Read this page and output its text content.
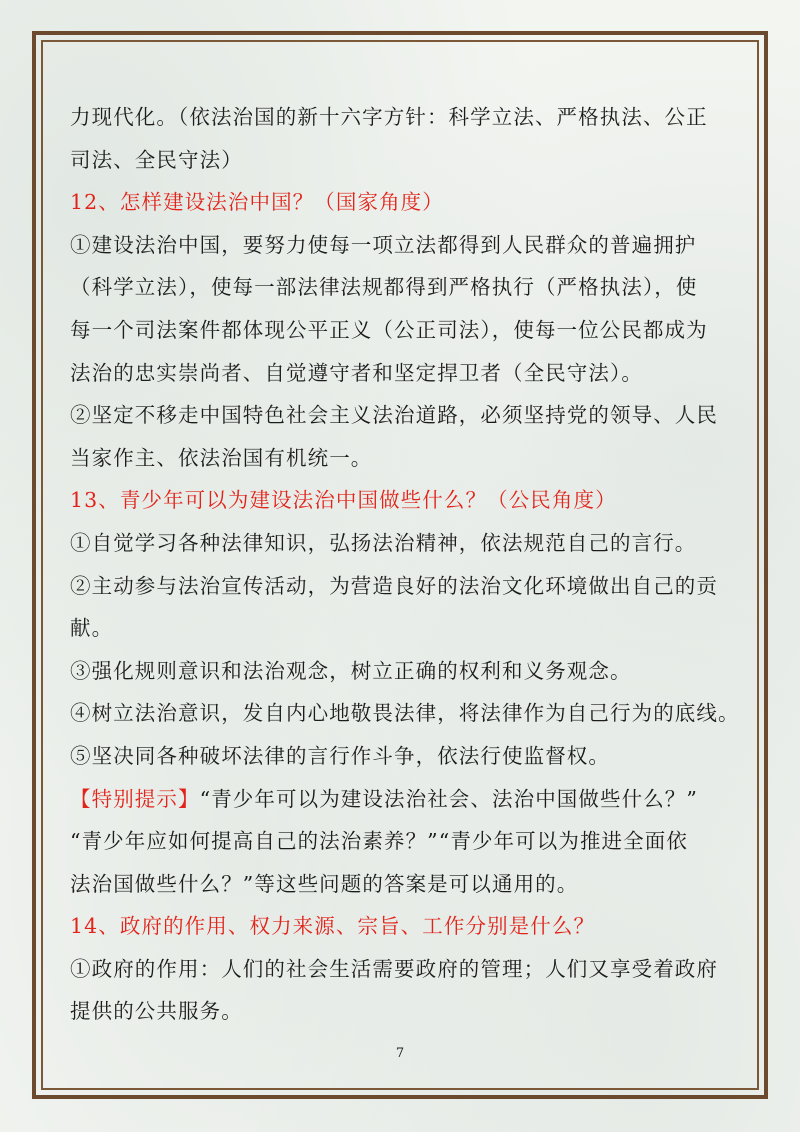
力现代化。（依法治国的新十六字方针：科学立法、严格执法、公正

司法、全民守法）

12、怎样建设法治中国？（国家角度）

①建设法治中国，要努力使每一项立法都得到人民群众的普遍拥护

（科学立法），使每一部法律法规都得到严格执行（严格执法），使

每一个司法案件都体现公平正义（公正司法），使每一位公民都成为

法治的忠实崇尚者、自觉遵守者和坚定捍卫者（全民守法）。

②坚定不移走中国特色社会主义法治道路，必须坚持党的领导、人民

当家作主、依法治国有机统一。

13、青少年可以为建设法治中国做些什么？（公民角度）

①自觉学习各种法律知识，弘扬法治精神，依法规范自己的言行。

②主动参与法治宣传活动，为营造良好的法治文化环境做出自己的贡

献。

③强化规则意识和法治观念，树立正确的权利和义务观念。

④树立法治意识，发自内心地敬畏法律，将法律作为自己行为的底线。

⑤坚决同各种破坏法律的言行作斗争，依法行使监督权。

【特别提示】“青少年可以为建设法治社会、法治中国做些什么？”

“青少年应如何提高自己的法治素养？”“青少年可以为推进全面依

法治国做些什么？”等这些问题的答案是可以通用的。

14、政府的作用、权力来源、宗旨、工作分别是什么？

①政府的作用：人们的社会生活需要政府的管理；人们又享受着政府

提供的公共服务。

7
